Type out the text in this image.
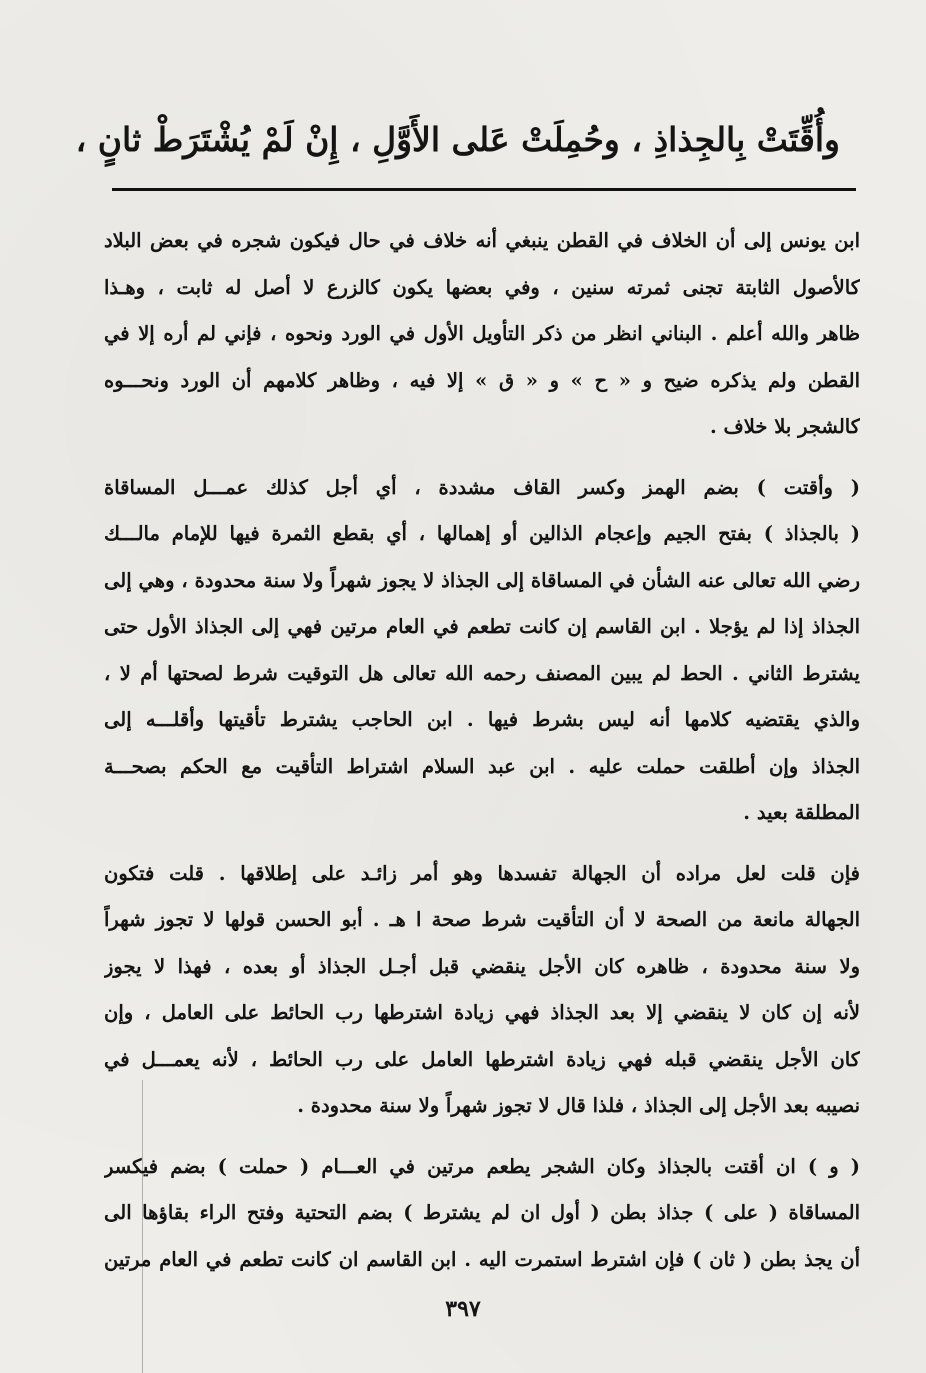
وأُقِّتَتْ بِالجِذاذِ ، وحُمِلَتْ عَلى الأَوَّلِ ، إِنْ لَمْ يُشْتَرَطْ ثانٍ ،
ابن يونس إلى أن الخلاف في القطن ينبغي أنه خلاف في حال فيكون شجره في بعض البلاد
كالأصول الثابتة تجنى ثمرته سنين ، وفي بعضها يكون كالزرع لا أصل له ثابت ، وهـذا
ظاهر والله أعلم . البناني انظر من ذكر التأويل الأول في الورد ونحوه ، فإني لم أره إلا في
القطن ولم يذكره ضيح و « ح » و « ق » إلا فيه ، وظاهر كلامهم أن الورد ونحـــوه
كالشجر بلا خلاف .
( وأقتت ) بضم الهمز وكسر القاف مشددة ، أي أجل كذلك عمـــل المساقاة
( بالجذاذ ) بفتح الجيم وإعجام الذالين أو إهمالها ، أي بقطع الثمرة فيها للإمام مالـــك
رضي الله تعالى عنه الشأن في المساقاة إلى الجذاذ لا يجوز شهراً ولا سنة محدودة ، وهي إلى
الجذاذ إذا لم يؤجلا . ابن القاسم إن كانت تطعم في العام مرتين فهي إلى الجذاذ الأول حتى
يشترط الثاني . الحط لم يبين المصنف رحمه الله تعالى هل التوقيت شرط لصحتها أم لا ،
والذي يقتضيه كلامها أنه ليس بشرط فيها . ابن الحاجب يشترط تأقيتها وأقلـــه إلى
الجذاذ وإن أطلقت حملت عليه . ابن عبد السلام اشتراط التأقيت مع الحكم بصحـــة
المطلقة بعيد .
فإن قلت لعل مراده أن الجهالة تفسدها وهو أمر زائـد على إطلاقها . قلت فتكون
الجهالة مانعة من الصحة لا أن التأقيت شرط صحة ا هـ . أبو الحسن قولها لا تجوز شهراً
ولا سنة محدودة ، ظاهره كان الأجل ينقضي قبل أجـل الجذاذ أو بعده ، فهذا لا يجوز
لأنه إن كان لا ينقضي إلا بعد الجذاذ فهي زيادة اشترطها رب الحائط على العامل ، وإن
كان الأجل ينقضي قبله فهي زيادة اشترطها العامل على رب الحائط ، لأنه يعمـــل في
نصيبه بعد الأجل إلى الجذاذ ، فلذا قال لا تجوز شهراً ولا سنة محدودة .
( و ) ان أقتت بالجذاذ وكان الشجر يطعم مرتين في العـــام ( حملت ) بضم فيكسر
المساقاة ( على ) جذاذ بطن ( أول ان لم يشترط ) بضم التحتية وفتح الراء بقاؤها الى
أن يجذ بطن ( ثان ) فإن اشترط استمرت اليه . ابن القاسم ان كانت تطعم في العام مرتين
٣٩٧
